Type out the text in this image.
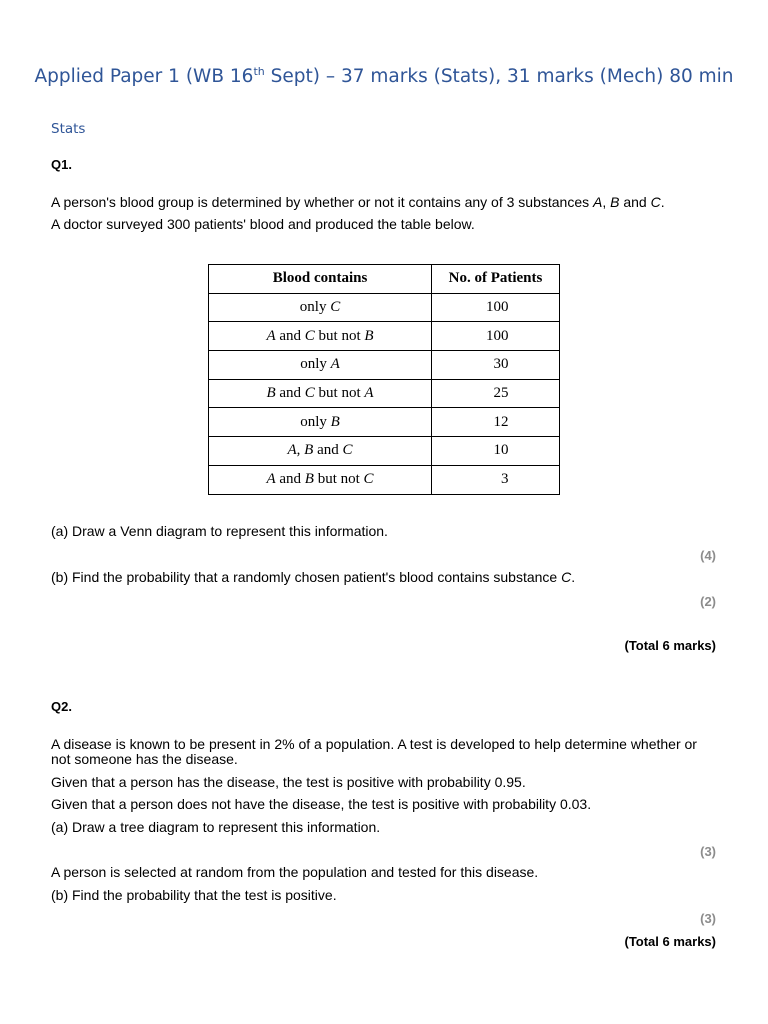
Applied Paper 1 (WB 16th Sept) – 37 marks (Stats), 31 marks (Mech) 80 min
Stats
Q1.
A person's blood group is determined by whether or not it contains any of 3 substances A, B and C.
A doctor surveyed 300 patients' blood and produced the table below.
Blood contains	No. of Patients
only C	100
A and C but not B	100
only A	30
B and C but not A	25
only B	12
A, B and C	10
A and B but not C	3
(a) Draw a Venn diagram to represent this information.
(4)
(b) Find the probability that a randomly chosen patient's blood contains substance C.
(2)
(Total 6 marks)
Q2.
A disease is known to be present in 2% of a population. A test is developed to help determine whether or not someone has the disease.
Given that a person has the disease, the test is positive with probability 0.95.
Given that a person does not have the disease, the test is positive with probability 0.03.
(a) Draw a tree diagram to represent this information.
(3)
A person is selected at random from the population and tested for this disease.
(b) Find the probability that the test is positive.
(3)
(Total 6 marks)
